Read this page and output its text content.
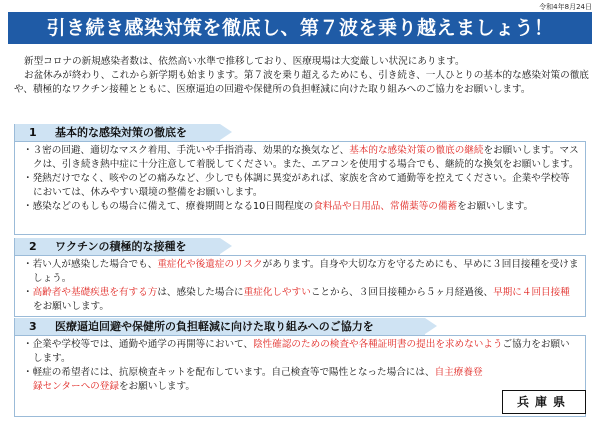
令和4年8月24日
引き続き感染対策を徹底し、第７波を乗り越えましょう！

新型コロナの新規感染者数は、依然高い水準で推移しており、医療現場は大変厳しい状況にあります。

お盆休みが終わり、これから新学期も始まります。第７波を乗り超えるためにも、引き続き、一人ひとりの基本的な感染対策の徹底や、積極的なワクチン接種とともに、医療逼迫の回避や保健所の負担軽減に向けた取り組みへのご協力をお願いします。

1 基本的な感染対策の徹底を

・３密の回避、適切なマスク着用、手洗いや手指消毒、効果的な換気など、基本的な感染対策の徹底の継続をお願いします。マスクは、引き続き熱中症に十分注意して着脱してください。また、エアコンを使用する場合でも、継続的な換気をお願いします。

・発熱だけでなく、咳やのどの痛みなど、少しでも体調に異変があれば、家族を含めて通勤等を控えてください。企業や学校等においては、休みやすい環境の整備をお願いします。

・感染などのもしもの場合に備えて、療養期間となる10日間程度の食料品や日用品、常備薬等の備蓄をお願いします。

2 ワクチンの積極的な接種を

・若い人が感染した場合でも、重症化や後遺症のリスクがあります。自身や大切な方を守るためにも、早めに３回目接種を受けましょう。

・高齢者や基礎疾患を有する方は、感染した場合に重症化しやすいことから、３回目接種から５ヶ月経過後、早期に４回目接種をお願いします。

3 医療逼迫回避や保健所の負担軽減に向けた取り組みへのご協力を

・企業や学校等では、通勤や通学の再開等において、陰性確認のための検査や各種証明書の提出を求めないようご協力をお願いします。

・軽症の希望者には、抗原検査キットを配布しています。自己検査等で陽性となった場合には、自主療養登録センターへの登録をお願いします。

兵庫県
